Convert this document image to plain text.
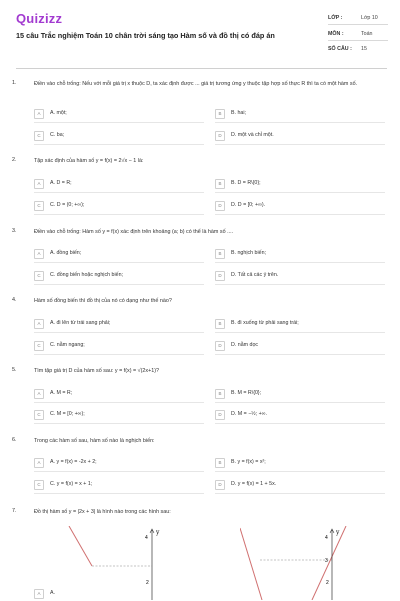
Quizizz
15 câu Trắc nghiệm Toán 10 chân trời sáng tạo Hàm số và đồ thị có đáp án
LỚP :	Lớp 10
MÔN :	Toán
SỐ CÂU : 15
1.	Điền vào chỗ trống: Nếu với mỗi giá trị x thuộc D, ta xác định được ... giá trị tương ứng y thuộc tập hợp số thực R thì ta có một hàm số.
A	A. một;	B	B. hai;
C	C. ba;	D	D. một và chỉ một.
2.	Tập xác định của hàm số y = f(x) = 2√x − 1 là:
A	A. D = R;	B	B. D = R\{0};
C	C. D = (0; +∞);	D	D. D = [0; +∞).
3.	Điền vào chỗ trống: Hàm số y = f(x) xác định trên khoảng (a; b) có thể là hàm số ....
A	A. đồng biến;	B	B. nghịch biến;
C	C. đồng biến hoặc nghịch biến;	D	D. Tất cả các ý trên.
4.	Hàm số đồng biến thì đồ thị của nó có dạng như thế nào?
A	A. đi lên từ trái sang phải;	B	B. đi xuống từ phải sang trái;
C	C. nằm ngang;	D	D. nằm dọc
5.	Tìm tập giá trị D của hàm số sau: y = f(x) = √(2x+1)?
A	A. M = R;	B	B. M = R\{0};
C	C. M = [0; +∞);	D	D. M = −½; +∞.
6.	Trong các hàm số sau, hàm số nào là nghịch biến:
A	A. y = f(x) = -2x + 2;	B	B. y = f(x) = x²;
C	C. y = f(x) = x + 1;	D	D. y = f(x) = 1 + 5x.
7.	Đồ thị hàm số y = |2x + 3| là hình nào trong các hình sau:
y
4
2
y
4
3
2
A	A.
